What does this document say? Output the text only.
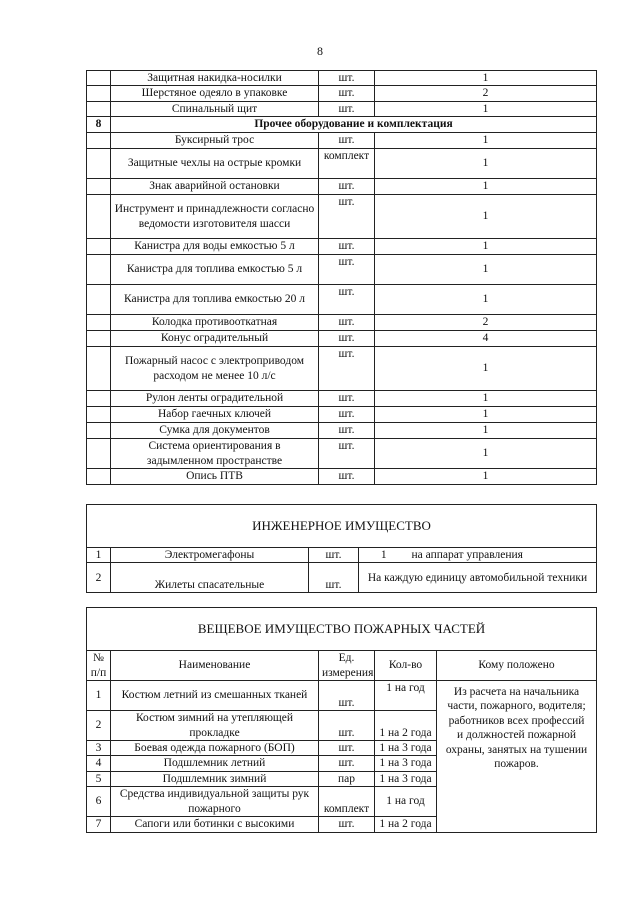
8
	Защитная накидка-носилки	шт.	1
	Шерстяное одеяло в упаковке	шт.	2
	Спинальный щит	шт.	1
8	Прочее оборудование и комплектация		
	Буксирный трос	шт.	1
	Защитные чехлы на острые кромки	комплект	1
	Знак аварийной остановки	шт.	1
	Инструмент и принадлежности согласно ведомости изготовителя шасси	шт.	1
	Канистра для воды емкостью 5 л	шт.	1
	Канистра для топлива емкостью 5 л	шт.	1
	Канистра для топлива емкостью 20 л	шт.	1
	Колодка противооткатная	шт.	2
	Конус оградительный	шт.	4
	Пожарный насос с электроприводом расходом не менее 10 л/с	шт.	1
	Рулон ленты оградительной	шт.	1
	Набор гаечных ключей	шт.	1
	Сумка для документов	шт.	1
	Система ориентирования в задымленном пространстве	шт.	1
	Опись ПТВ	шт.	1
ИНЖЕНЕРНОЕ ИМУЩЕСТВО				
1	Электромегафоны	шт.	1	на аппарат управления
2	Жилеты спасательные	шт.	На каждую единицу автомобильной техники	
ВЕЩЕВОЕ ИМУЩЕСТВО ПОЖАРНЫХ ЧАСТЕЙ				
№ п/п	Наименование	Ед. измерения	Кол-во	Кому положено
1	Костюм летний из смешанных тканей	шт.	1 на год	Из расчета на начальника части, пожарного, водителя; работников всех профессий и должностей пожарной охраны, занятых на тушении пожаров.
2	Костюм зимний на утепляющей прокладке	шт.	1 на 2 года	
3	Боевая одежда пожарного (БОП)	шт.	1 на 3 года	
4	Подшлемник летний	шт.	1 на 3 года	
5	Подшлемник зимний	пар	1 на 3 года	
6	Средства индивидуальной защиты рук пожарного	комплект	1 на год	
7	Сапоги или ботинки с высокими	шт.	1 на 2 года	
